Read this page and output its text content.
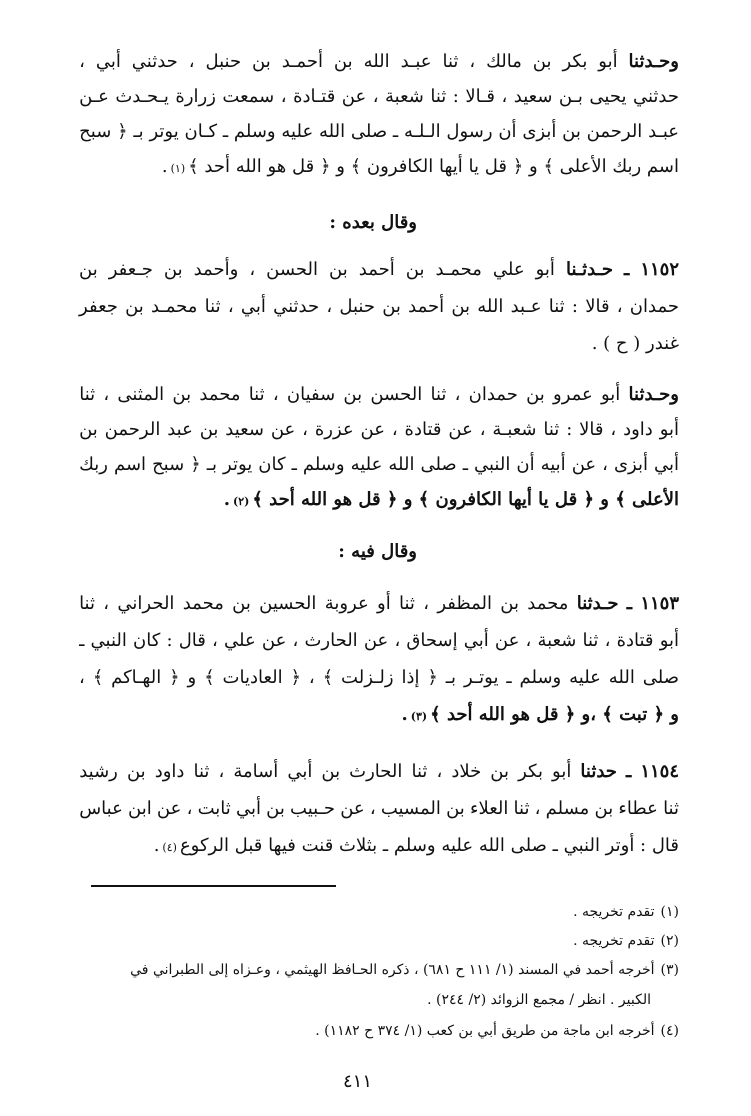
وحـدثنا
أبو
بكر
بن
مالك
،
ثنا
عبـد
الله
بن
أحمـد
بن
حنبل
،
حدثني
أبي
،
حدثني
يحيى
بـن
سعيد
،
قـالا
:
ثنا
شعبة
،
عن
قتـادة
،
سمعت
زرارة
يـحـدث
عـن
عبـد
الرحمن
بن
أبزى
أن
رسول
الـلـه
ـ
صلى
الله
عليه
وسلم
ـ
كـان
يوتر
بـ
﴿
سبح
اسم ربك الأعلى ﴾ و ﴿ قل يا أيها الكافرون ﴾ و ﴿ قل هو الله أحد ﴾
(١)
.
وقال بعده :
١١٥٢
ـ
حـدثـنا
أبو
علي
محمـد
بن
أحمد
بن
الحسن
،
وأحمد
بن
جـعفر
بن
حمدان
،
قالا
:
ثنا
عـبد
الله
بن
أحمد
بن
حنبل
،
حدثني
أبي
،
ثنا
محمـد
بن
جعفر
غندر ( ح ) .
وحـدثنا
أبو
عمرو
بن
حمدان
،
ثنا
الحسن
بن
سفيان
،
ثنا
محمد
بن
المثنى
،
ثنا
أبو
داود
،
قالا
:
ثنا
شعبـة
،
عن
قتادة
،
عن
عزرة
،
عن
سعيد
بن
عبد
الرحمن
بن
أبي
أبزى
،
عن
أبيه
أن
النبي
ـ
صلى
الله
عليه
وسلم
ـ
كان
يوتر
بـ
﴿
سبح
اسم
ربك
الأعلى ﴾ و ﴿ قل يا أيها الكافرون ﴾ و ﴿ قل هو الله أحد ﴾
(٢)
.
وقال فيه :
١١٥٣
ـ
حـدثنا
محمد
بن
المظفر
،
ثنا
أو
عروبة
الحسين
بن
محمد
الحراني
،
ثنا
أبو
قتادة
،
ثنا
شعبة
،
عن
أبي
إسحاق
،
عن
الحارث
،
عن
علي
،
قال
:
كان
النبي
ـ
صلى
الله
عليه
وسلم
ـ
يوتـر
بـ
﴿
إذا
زلـزلت
﴾
،
﴿
العاديات
﴾
و
﴿
الهـاكم
﴾
،
و ﴿ تبت ﴾ ،و ﴿ قل هو الله أحد ﴾
(٣)
.
١١٥٤
ـ
حدثنا
أبو
بكر
بن
خلاد
،
ثنا
الحارث
بن
أبي
أسامة
،
ثنا
داود
بن
رشيد
ثنا
عطاء
بن
مسلم
،
ثنا
العلاء
بن
المسيب
،
عن
حـبيب
بن
أبي
ثابت
،
عن
ابن
عباس
قال : أوتر النبي ـ صلى الله عليه وسلم ـ بثلاث قنت فيها قبل الركوع
(٤)
.
(١)تقدم تخريجه .
(٢)تقدم تخريجه .
(٣)أخرجه أحمد في المسند (١/ ١١١ ح ٦٨١) ، ذكره الحـافظ الهيثمي ، وعـزاه إلى الطبراني في
الكبير . انظر / مجمع الزوائد (٢/ ٢٤٤) .
(٤)أخرجه ابن ماجة من طريق أبي بن كعب (١/ ٣٧٤ ح ١١٨٢) .
٤١١
